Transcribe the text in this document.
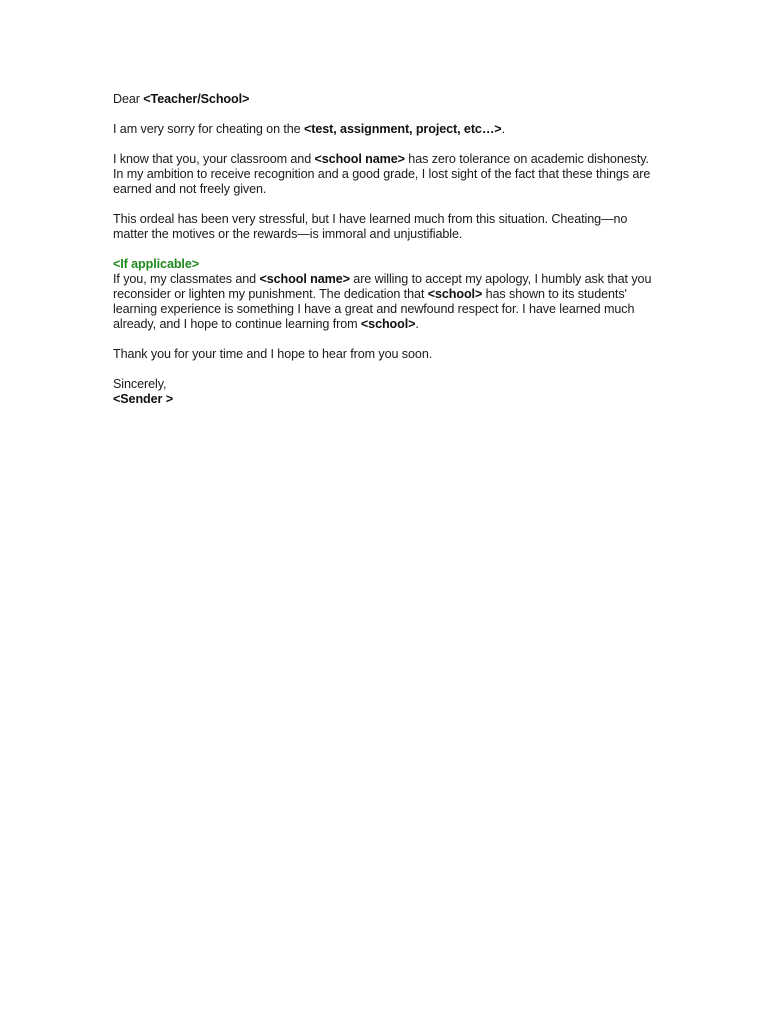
Dear <Teacher/School>

I am very sorry for cheating on the <test, assignment, project, etc…>.

I know that you, your classroom and <school name> has zero tolerance on academic dishonesty. In my ambition to receive recognition and a good grade, I lost sight of the fact that these things are earned and not freely given.

This ordeal has been very stressful, but I have learned much from this situation. Cheating—no matter the motives or the rewards—is immoral and unjustifiable.

<If applicable>
If you, my classmates and <school name> are willing to accept my apology, I humbly ask that you reconsider or lighten my punishment. The dedication that <school> has shown to its students' learning experience is something I have a great and newfound respect for. I have learned much already, and I hope to continue learning from <school>.

Thank you for your time and I hope to hear from you soon.

Sincerely,

<Sender >
